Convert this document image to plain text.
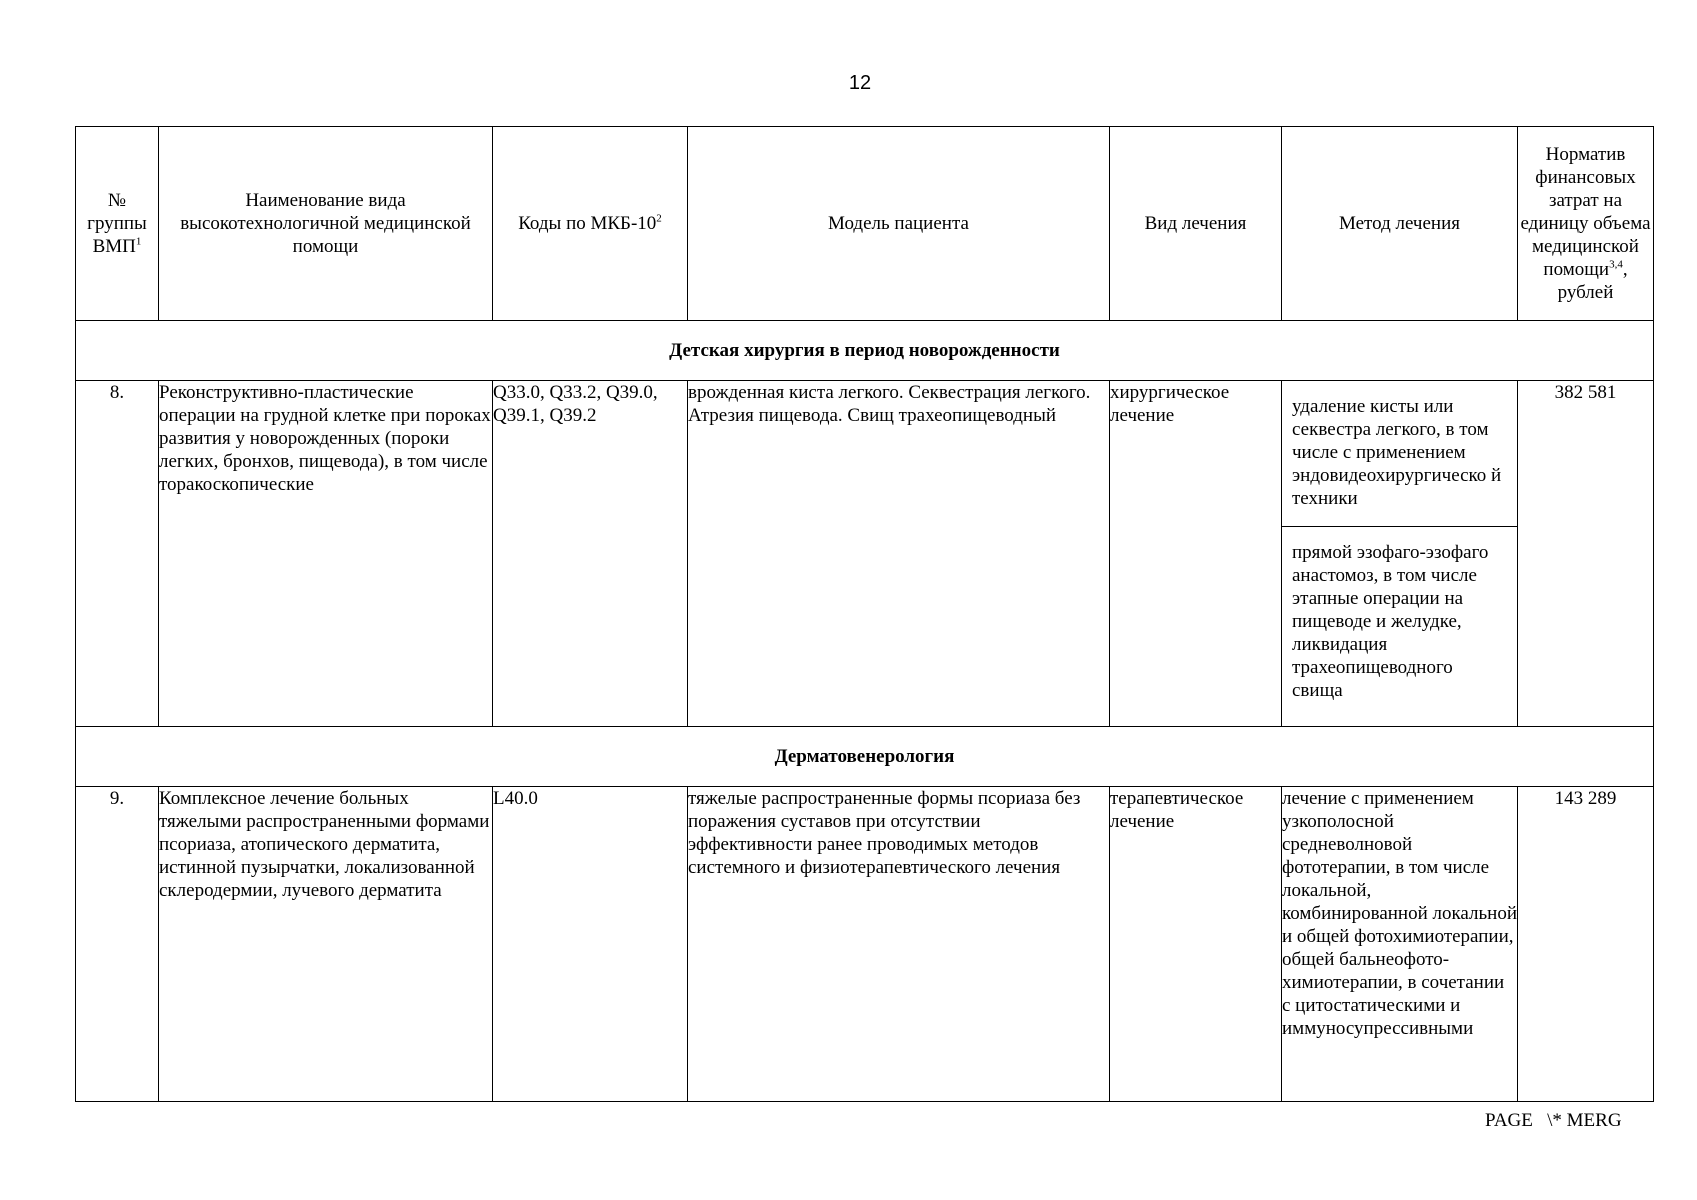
12
№ группы ВМП$^1$	Наименование вида высокотехнологичной медицинской помощи	Коды по МКБ-$10^2$	Модель пациента	Вид лечения	Метод лечения	Норматив финансовых затрат на единицу объема медицинской помощи$^{3,4}$, рублей
Детская хирургия в период новорожденности						
8.	Реконструктивно-пластические операции на грудной клетке при пороках развития у новорожденных (пороки легких, бронхов, пищевода), в том числе торакоскопические	Q33.0, Q33.2, Q39.0, Q39.1, Q39.2	врожденная киста легкого. Секвестрация легкого. Атрезия пищевода. Свищ трахеопищеводный	хирургическое лечение	удаление кисты или секвестра легкого, в том числе с применением эндовидеохирургическо й техники
прямой эзофаго-эзофаго анастомоз, в том числе этапные операции на пищеводе и желудке, ликвидация трахеопищеводного свища	382 581
Дерматовенерология						

9.	Комплексное лечение больных тяжелыми распространенными формами псориаза, атопического дерматита, истинной пузырчатки, локализованной склеродермии, лучевого дерматита	L40.0	тяжелые распространенные формы псориаза без поражения суставов при отсутствии эффективности ранее проводимых методов системного и физиотерапевтического лечения	терапевтическое лечение	лечение с применением узкополосной средневолновой фототерапии, в том числе локальной, комбинированной локальной и общей фотохимиотерапии, общей бальнеофото-химиотерапии, в сочетании с цитостатическими и иммуносупрессивными	143 289
PAGE   \* MERG
